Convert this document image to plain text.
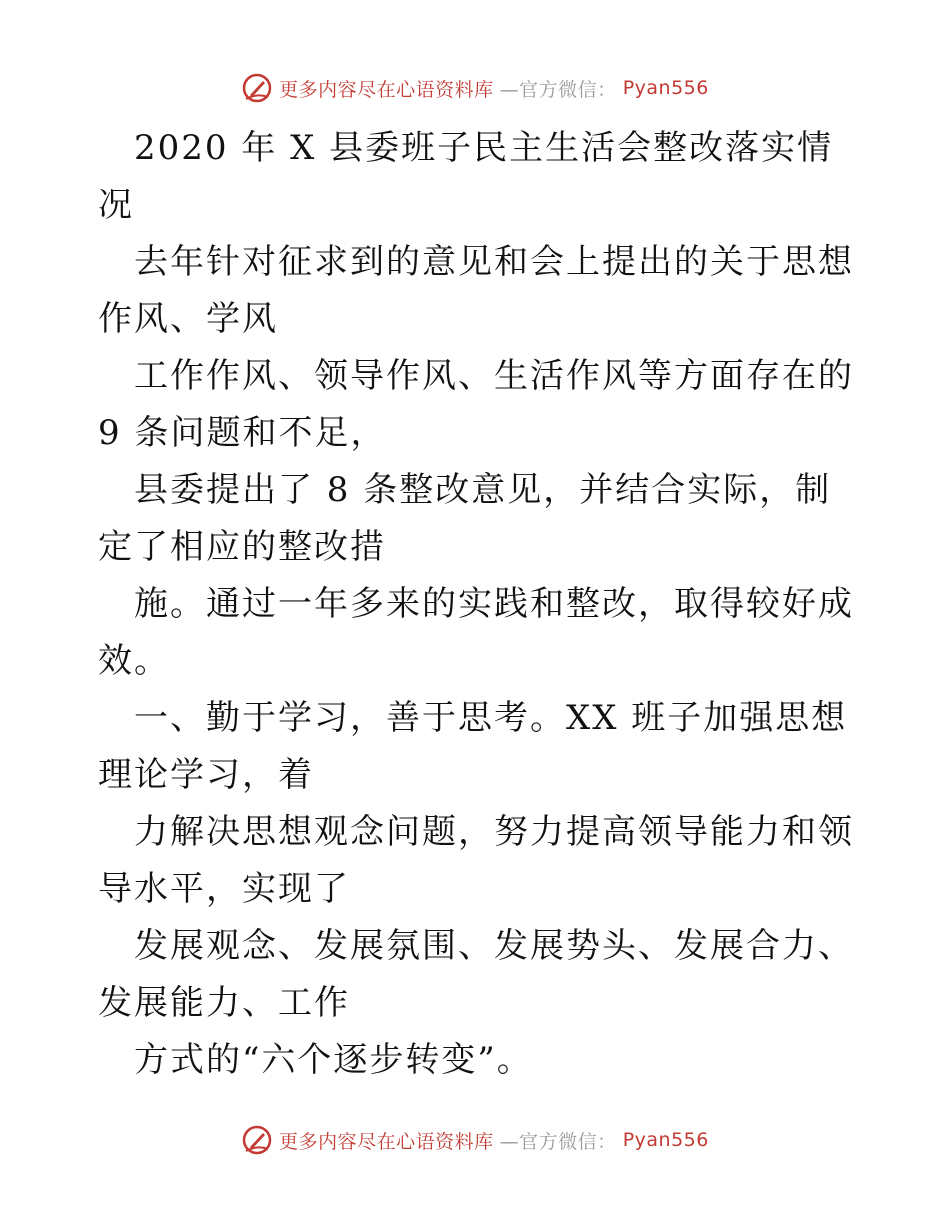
更多内容尽在心语资料库 —官方微信： Pyan556

2020 年 X 县委班子民主生活会整改落实情况

去年针对征求到的意见和会上提出的关于思想作风、学风

工作作风、领导作风、生活作风等方面存在的 9 条问题和不足，

县委提出了 8 条整改意见，并结合实际，制定了相应的整改措

施。通过一年多来的实践和整改，取得较好成效。

一、勤于学习，善于思考。XX 班子加强思想理论学习，着

力解决思想观念问题，努力提高领导能力和领导水平，实现了

发展观念、发展氛围、发展势头、发展合力、发展能力、工作

方式的“六个逐步转变”。

更多内容尽在心语资料库 —官方微信： Pyan556
